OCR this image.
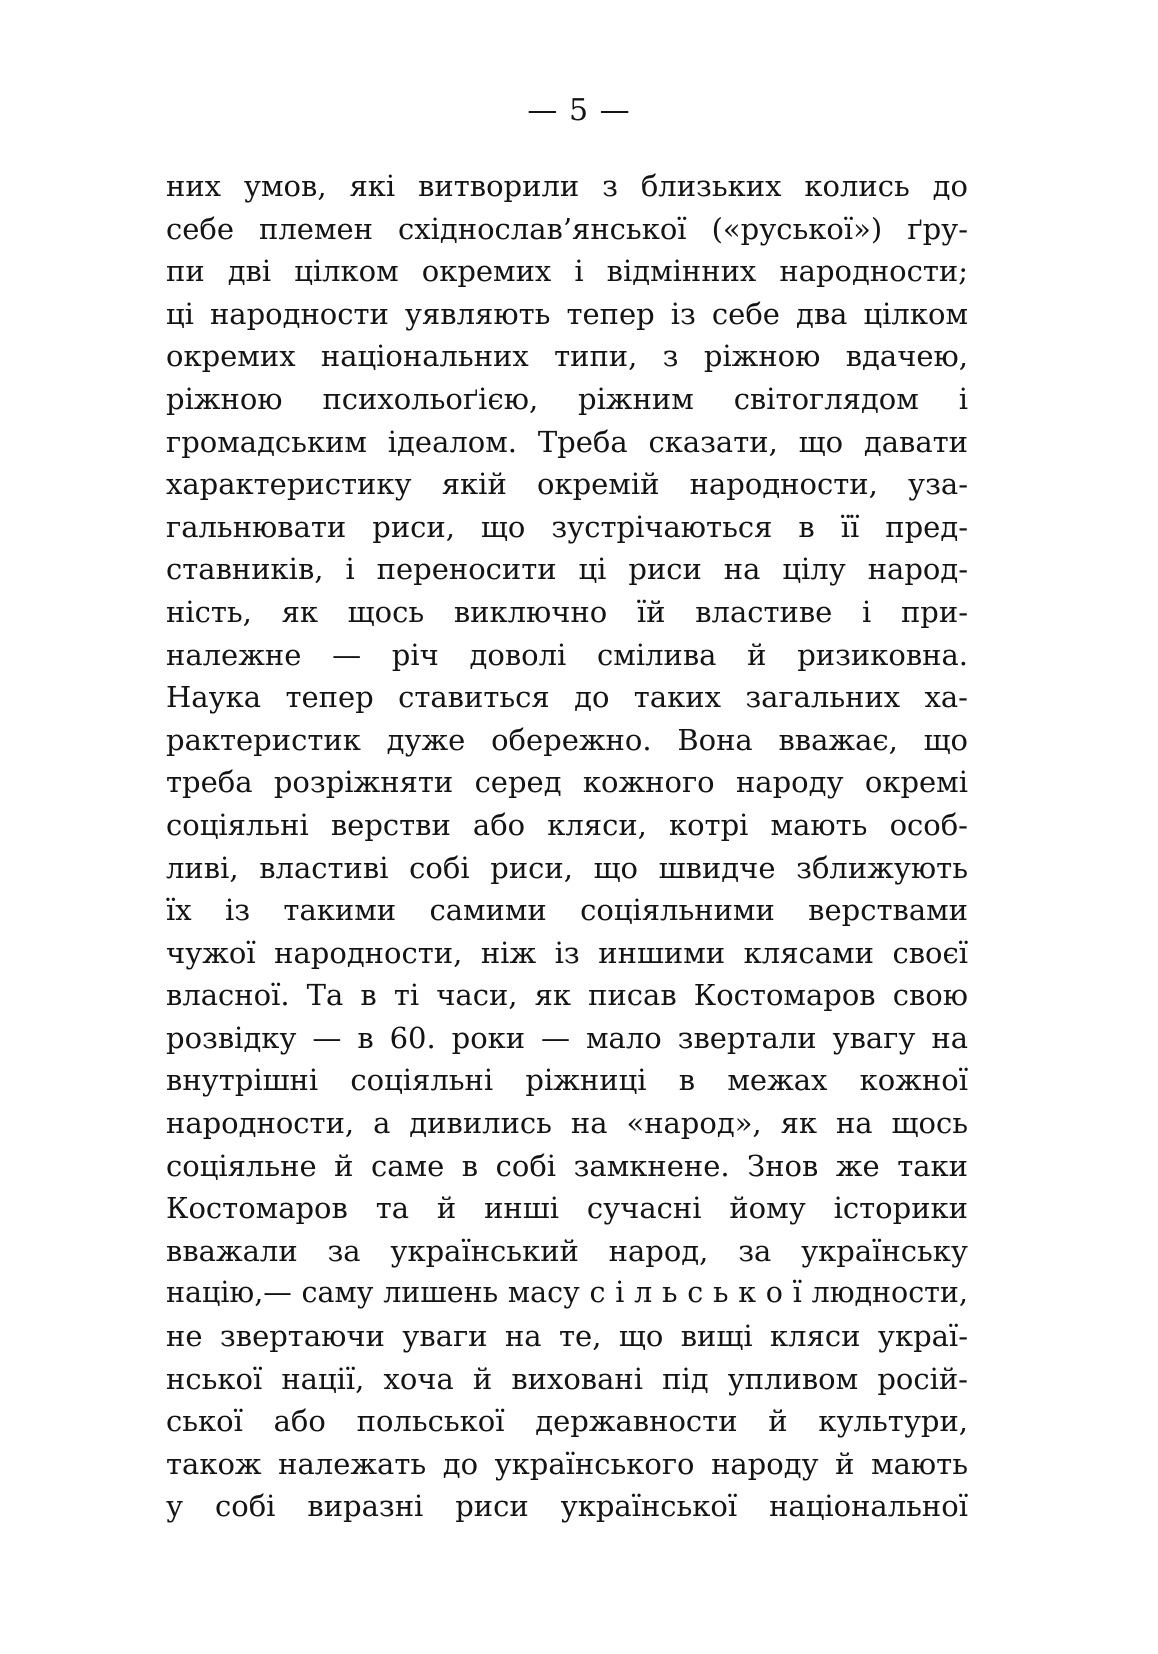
— 5 —
них умов, які витворили з близьких колись до
себе племен східнослав’янської («руської») ґру-
пи дві цілком окремих і відмінних народности;
ці народности уявляють тепер із себе два цілком
окремих національних типи, з ріжною вдачею,
ріжною психольоґією, ріжним світоглядом і
громадським ідеалом. Треба сказати, що давати
характеристику якій окремій народности, уза-
гальнювати риси, що зустрічаються в її пред-
ставників, і переносити ці риси на цілу народ-
ність, як щось виключно їй властиве і при-
належне — річ доволі смілива й ризиковна.
Наука тепер ставиться до таких загальних ха-
рактеристик дуже обережно. Вона вважає, що
треба розріжняти серед кожного народу окремі
соціяльні верстви або кляси, котрі мають особ-
ливі, властиві собі риси, що швидче зближують
їх із такими самими соціяльними верствами
чужої народности, ніж із иншими клясами своєї
власної. Та в ті часи, як писав Костомаров свою
розвідку — в 60. роки — мало звертали увагу на
внутрішні соціяльні ріжниці в межах кожної
народности, а дивились на «народ», як на щось
соціяльне й саме в собі замкнене. Знов же таки
Костомаров та й инші сучасні йому історики
вважали за український народ, за українську
націю,— саму лишень масу с і л ь с ь к о ї людности,
не звертаючи уваги на те, що вищі кляси украї-
нської нації, хоча й виховані під упливом росій-
ської або польської державности й культури,
також належать до українського народу й мають
у собі виразні риси української національної
